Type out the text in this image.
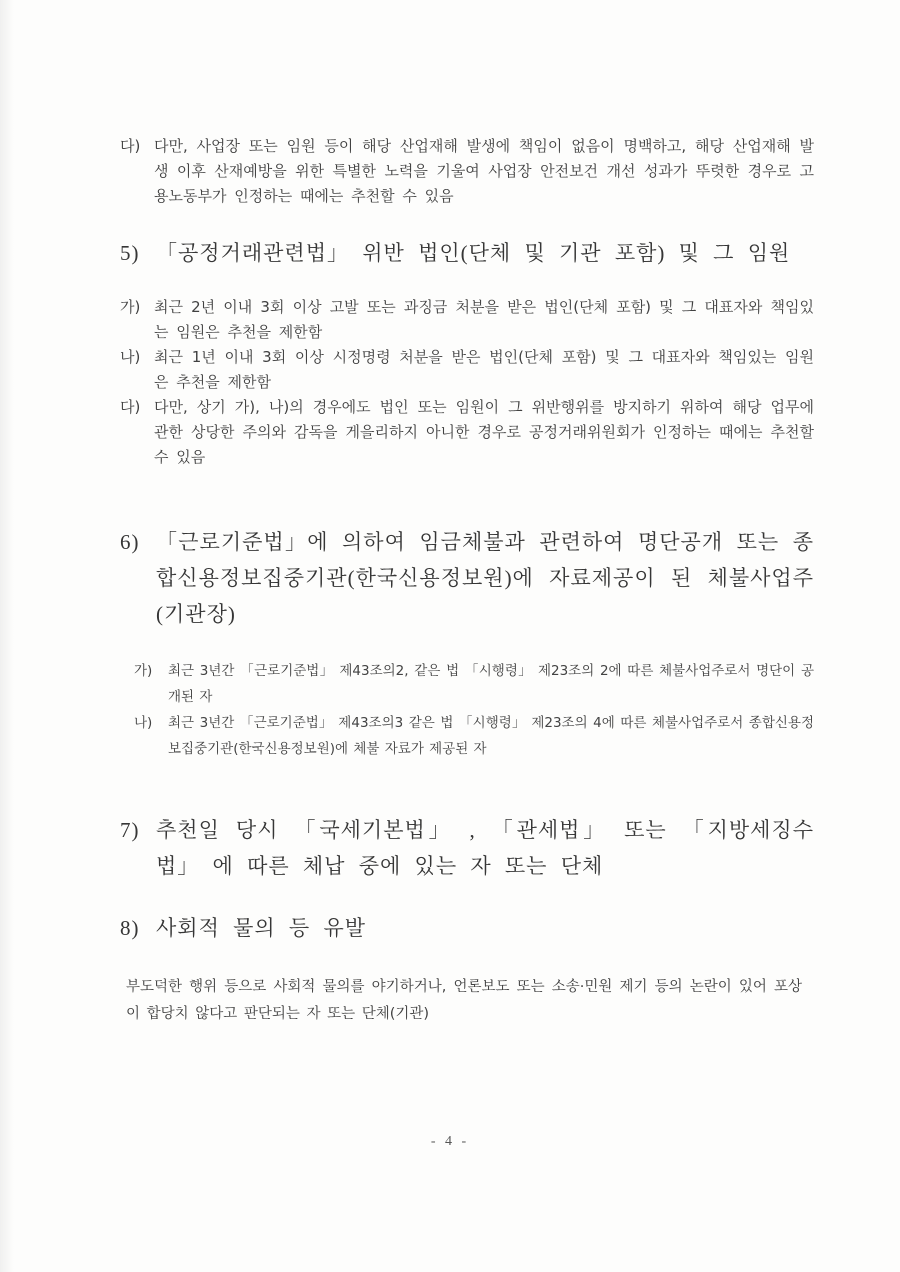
다) 다만, 사업장 또는 임원 등이 해당 산업재해 발생에 책임이 없음이 명백하고, 해당 산업재해 발생 이후 산재예방을 위한 특별한 노력을 기울여 사업장 안전보건 개선 성과가 뚜렷한 경우로 고용노동부가 인정하는 때에는 추천할 수 있음
5) 「공정거래관련법」 위반 법인(단체 및 기관 포함) 및 그 임원
가) 최근 2년 이내 3회 이상 고발 또는 과징금 처분을 받은 법인(단체 포함) 및 그 대표자와 책임있는 임원은 추천을 제한함
나) 최근 1년 이내 3회 이상 시정명령 처분을 받은 법인(단체 포함) 및 그 대표자와 책임있는 임원은 추천을 제한함
다) 다만, 상기 가), 나)의 경우에도 법인 또는 임원이 그 위반행위를 방지하기 위하여 해당 업무에 관한 상당한 주의와 감독을 게을리하지 아니한 경우로 공정거래위원회가 인정하는 때에는 추천할 수 있음
6) 「근로기준법」에 의하여 임금체불과 관련하여 명단공개 또는 종합신용정보집중기관(한국신용정보원)에 자료제공이 된 체불사업주(기관장)
가)	최근 3년간 「근로기준법」 제43조의2, 같은 법 「시행령」 제23조의 2에 따른 체불사업주로서 명단이 공개된 자
나)	최근 3년간 「근로기준법」 제43조의3 같은 법 「시행령」 제23조의 4에 따른 체불사업주로서 종합신용정보집중기관(한국신용정보원)에 체불 자료가 제공된 자
7) 추천일 당시 「국세기본법」 , 「관세법」 또는 「지방세징수법」 에 따른 체납 중에 있는 자 또는 단체
8) 사회적 물의 등 유발
부도덕한 행위 등으로 사회적 물의를 야기하거나, 언론보도 또는 소송·민원 제기 등의 논란이 있어 포상이 합당치 않다고 판단되는 자 또는 단체(기관)
- 4 -
